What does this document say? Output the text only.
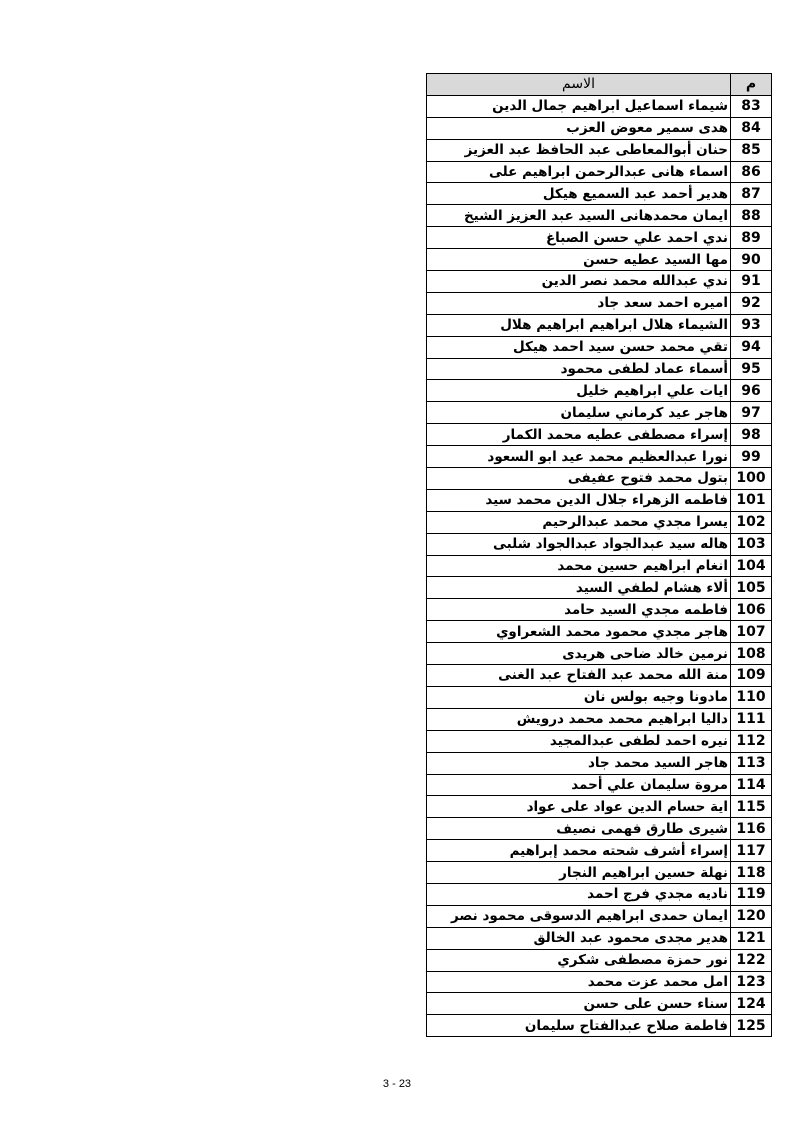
م	الاسم
83	شيماء اسماعيل ابراهيم جمال الدين
84	هدى سمير معوض العزب
85	حنان أبوالمعاطى عبد الحافظ عبد العزيز
86	اسماء هانى عبدالرحمن ابراهيم على
87	هدير أحمد عبد السميع هيكل
88	ايمان محمدهانى السيد عبد العزيز الشيخ
89	ندي احمد علي حسن الصباغ
90	مها السيد عطيه حسن
91	ندي عبدالله محمد نصر الدين
92	اميره احمد سعد جاد
93	الشيماء هلال ابراهيم ابراهيم هلال
94	تقي محمد حسن سيد احمد هيكل
95	أسماء عماد لطفى محمود
96	ايات علي ابراهيم خليل
97	هاجر عيد كرماني سليمان
98	إسراء مصطفى عطيه محمد الكمار
99	نورا عبدالعظيم محمد عيد ابو السعود
100	بتول محمد فتوح عفيفى
101	فاطمه الزهراء جلال الدين محمد سيد
102	يسرا مجدي محمد عبدالرحيم
103	هاله سيد عبدالجواد عبدالجواد شلبى
104	انغام ابراهيم حسين محمد
105	ألاء هشام لطفي السيد
106	فاطمه مجدي السيد حامد
107	هاجر مجدي محمود محمد الشعراوي
108	نرمين خالد ضاحى هريدى
109	منة الله محمد عبد الفتاح عبد الغنى
110	مادونا وجيه بولس نان
111	داليا ابراهيم محمد محمد درويش
112	نيره احمد لطفى عبدالمجيد
113	هاجر السيد محمد جاد
114	مروة سليمان علي أحمد
115	اية حسام الدين عواد على عواد
116	شيرى طارق فهمى نصيف
117	إسراء أشرف شحته محمد إبراهيم
118	نهلة حسين ابراهيم النجار
119	ناديه مجدي فرج احمد
120	ايمان حمدى ابراهيم الدسوقى محمود نصر
121	هدير مجدى محمود عبد الخالق
122	نور حمزة مصطفى شكري
123	امل محمد عزت محمد
124	سناء حسن على حسن
125	فاطمة صلاح عبدالفتاح سليمان
3 - 23
